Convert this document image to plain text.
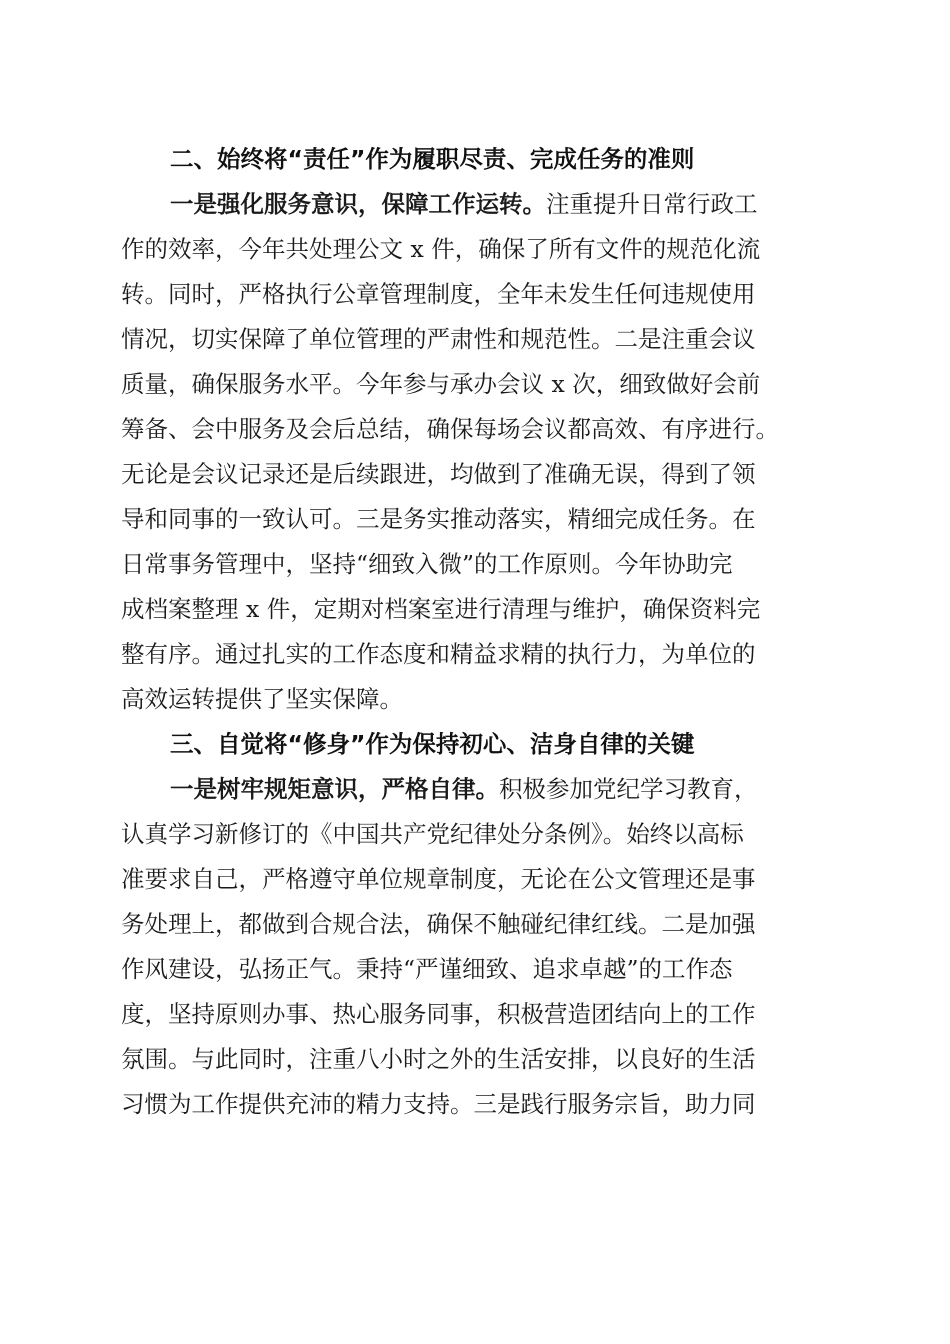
二、始终将“责任”作为履职尽责、完成任务的准则
一是强化服务意识，保障工作运转。注重提升日常行政工
作的效率，今年共处理公文 x 件，确保了所有文件的规范化流
转。同时，严格执行公章管理制度，全年未发生任何违规使用
情况，切实保障了单位管理的严肃性和规范性。二是注重会议
质量，确保服务水平。今年参与承办会议 x 次，细致做好会前
筹备、会中服务及会后总结，确保每场会议都高效、有序进行。
无论是会议记录还是后续跟进，均做到了准确无误，得到了领
导和同事的一致认可。三是务实推动落实，精细完成任务。在
日常事务管理中，坚持“细致入微”的工作原则。今年协助完
成档案整理 x 件，定期对档案室进行清理与维护，确保资料完
整有序。通过扎实的工作态度和精益求精的执行力，为单位的
高效运转提供了坚实保障。
三、自觉将“修身”作为保持初心、洁身自律的关键
一是树牢规矩意识，严格自律。积极参加党纪学习教育，
认真学习新修订的《中国共产党纪律处分条例》。始终以高标
准要求自己，严格遵守单位规章制度，无论在公文管理还是事
务处理上，都做到合规合法，确保不触碰纪律红线。二是加强
作风建设，弘扬正气。秉持“严谨细致、追求卓越”的工作态
度，坚持原则办事、热心服务同事，积极营造团结向上的工作
氛围。与此同时，注重八小时之外的生活安排，以良好的生活
习惯为工作提供充沛的精力支持。三是践行服务宗旨，助力同
